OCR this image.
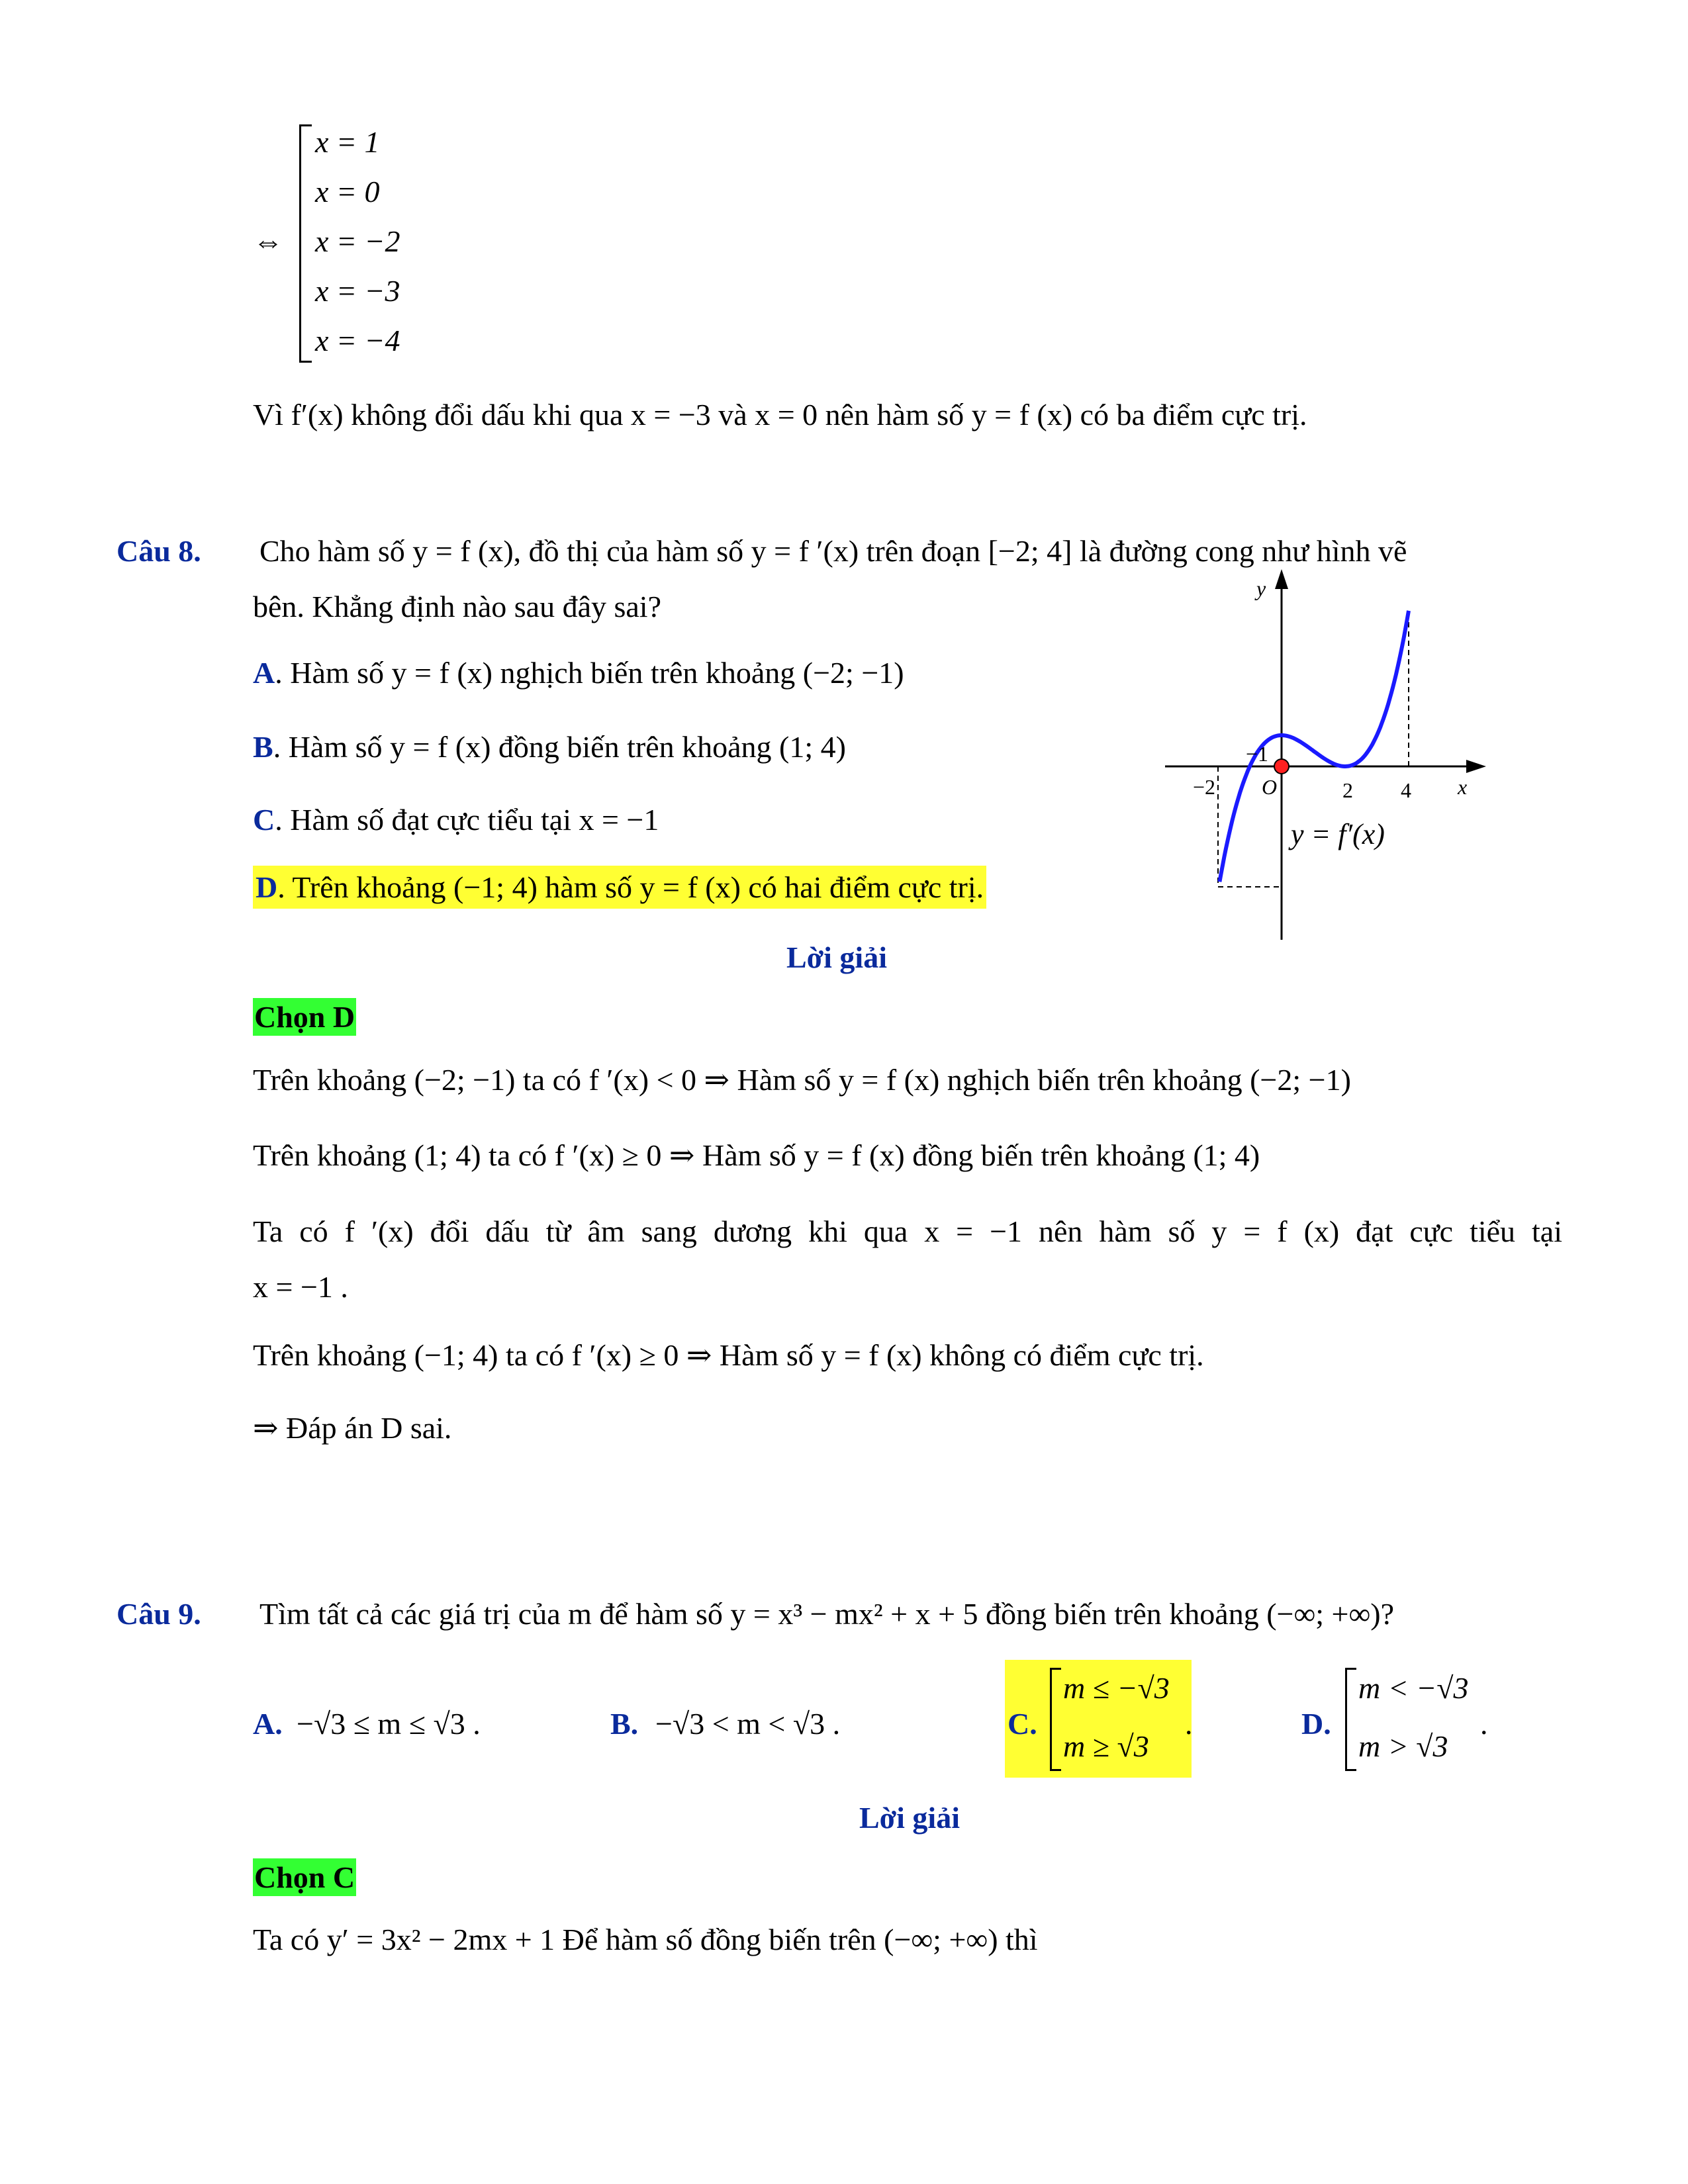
⇔
x = 1
x = 0
x = −2
x = −3
x = −4
Vì f′(x) không đổi dấu khi qua x = −3 và x = 0 nên hàm số y = f (x) có ba điểm cực trị.
Câu 8. Cho hàm số y = f (x), đồ thị của hàm số y = f ′(x) trên đoạn [−2; 4] là đường cong như hình vẽ
bên. Khẳng định nào sau đây sai?
A. Hàm số y = f (x) nghịch biến trên khoảng (−2; −1)
B. Hàm số y = f (x) đồng biến trên khoảng (1; 4)
C. Hàm số đạt cực tiểu tại x = −1
D. Trên khoảng (−1; 4) hàm số y = f (x) có hai điểm cực trị.
−1
−2 O	2 4 x
y
y = f′(x)
Lời giải
Chọn D
Trên khoảng (−2; −1) ta có f ′(x) < 0 ⇒ Hàm số y = f (x) nghịch biến trên khoảng (−2; −1)
Trên khoảng (1; 4) ta có f ′(x) ≥ 0 ⇒ Hàm số y = f (x) đồng biến trên khoảng (1; 4)
Ta có f ′(x) đổi dấu từ âm sang dương khi qua x = −1 nên hàm số y = f (x) đạt cực tiểu tại
x = −1 .
Trên khoảng (−1; 4) ta có f ′(x) ≥ 0 ⇒ Hàm số y = f (x) không có điểm cực trị.
⇒ Đáp án D sai.
Câu 9. Tìm tất cả các giá trị của m để hàm số y = x³ − mx² + x + 5 đồng biến trên khoảng (−∞; +∞)?
A. −√3 ≤ m ≤ √3 .	B. −√3 < m < √3 .	C.
m ≤ −√3
m ≥ √3
.	D.
m < −√3
m > √3
.
Lời giải
Chọn C
Ta có y′ = 3x² − 2mx + 1 Để hàm số đồng biến trên (−∞; +∞) thì
